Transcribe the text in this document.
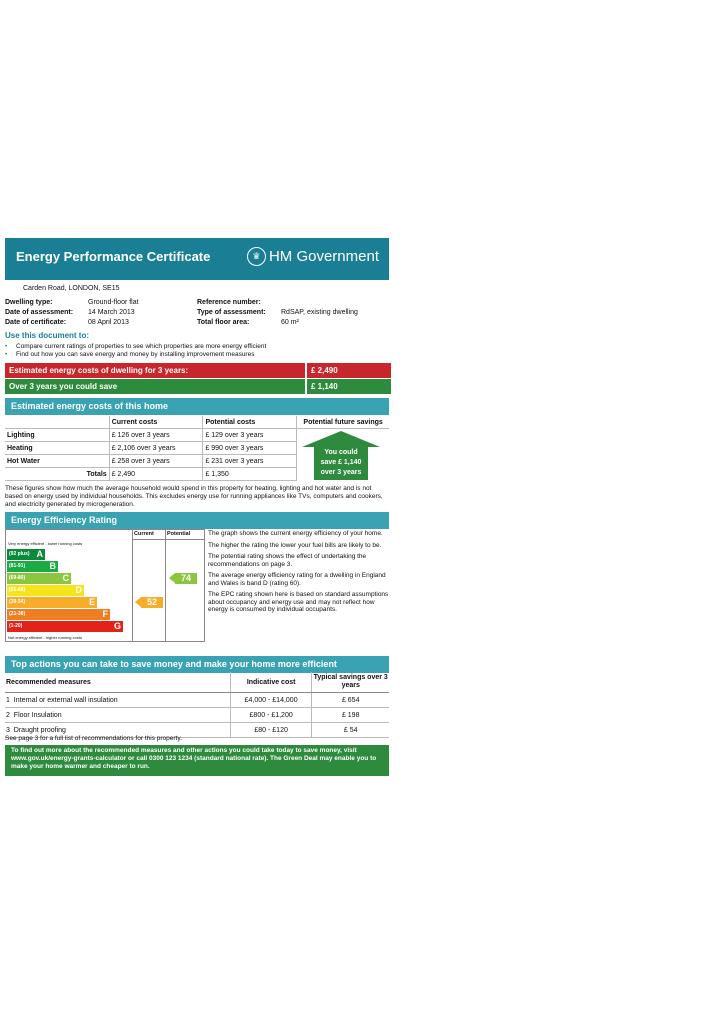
Energy Performance Certificate	♛ HM Government
Carden Road, LONDON, SE15
Dwelling type:	Ground-floor flat
Date of assessment: 14 March 2013
Date of certificate:	08 April 2013
Reference number:
Type of assessment: RdSAP, existing dwelling
Total floor area:	60 m²
Use this document to:
• Compare current ratings of properties to see which properties are more energy efficient
• Find out how you can save energy and money by installing improvement measures
Estimated energy costs of dwelling for 3 years:	£ 2,490
Over 3 years you could save	£ 1,140
Estimated energy costs of this home
	Current costs	Potential costs	Potential future savings
Lighting	£ 126 over 3 years	£ 129 over 3 years	
Heating	£ 2,106 over 3 years	£ 990 over 3 years	
Hot Water	£ 258 over 3 years	£ 231 over 3 years	
Totals	£ 2,490	£ 1,350	
You could
save £ 1,140
over 3 years
These figures show how much the average household would spend in this property for heating, lighting and hot water and is not based on energy used by individual households. This excludes energy use for running appliances like TVs, computers and cookers, and electricity generated by microgeneration.
Energy Efficiency Rating
Current Potential
Very energy efficient - lower running costs
(92 plus) A
(81-91)	B
(69-80)	C
(55-68)	D
(39-54)	E
(21-38)	F
(1-20)	G
Not energy efficient - higher running costs
52
74

The graph shows the current energy efficiency of your home.

The higher the rating the lower your fuel bills are likely to be.

The potential rating shows the effect of undertaking the recommendations on page 3.

The average energy efficiency rating for a dwelling in England and Wales is band D (rating 60).

The EPC rating shown here is based on standard assumptions about occupancy and energy use and may not reflect how energy is consumed by individual occupants.

Top actions you can take to save money and make your home more efficient
Recommended measures	Indicative cost	Typical savings over 3 years
1 Internal or external wall insulation	£4,000 - £14,000	£ 654
2 Floor Insulation	£800 - £1,200	£ 198
3 Draught proofing	£80 - £120	£ 54
See page 3 for a full list of recommendations for this property.
To find out more about the recommended measures and other actions you could take today to save money, visit www.gov.uk/energy-grants-calculator or call 0300 123 1234 (standard national rate). The Green Deal may enable you to make your home warmer and cheaper to run.
